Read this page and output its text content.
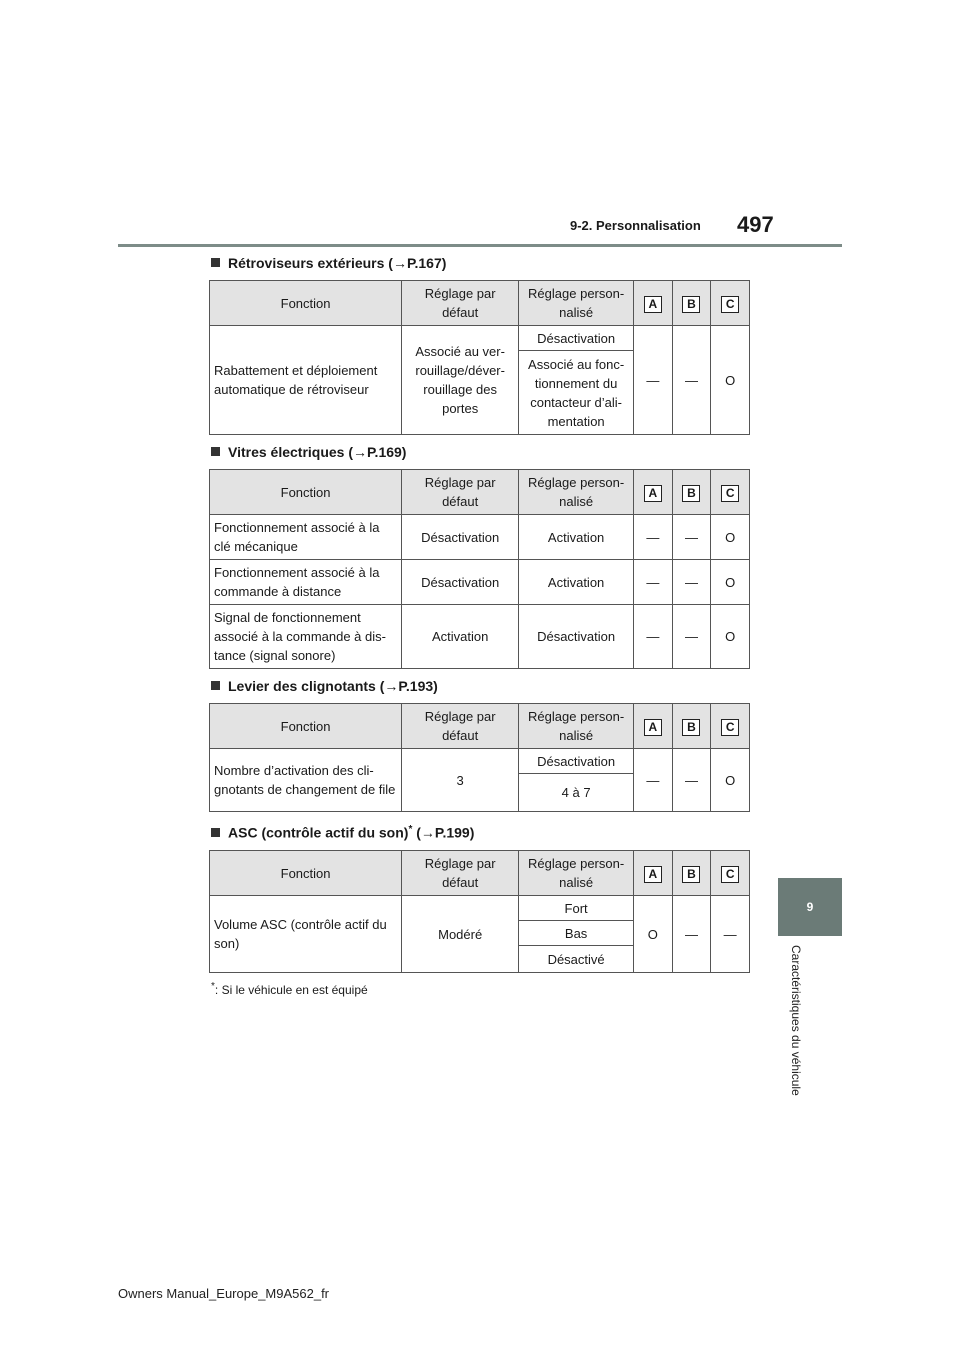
9-2. Personnalisation 497
9
Caractéristiques du véhicule
Rétroviseurs extérieurs (→P.167)
Fonction	Réglage par défaut	Réglage person- nalisé	A	B	C
Rabattement et déploiement automatique de rétroviseur	Associé au ver- rouillage/déver- rouillage des portes	Désactivation	—	—	O
		Associé au fonc- tionnement du contacteur d’ali- mentation			
Vitres électriques (→P.169)
Fonction	Réglage par défaut	Réglage person- nalisé	A	B	C
Fonctionnement associé à la clé mécanique	Désactivation	Activation	—	—	O
Fonctionnement associé à la commande à distance	Désactivation	Activation	—	—	O
Signal de fonctionnement associé à la commande à dis- tance (signal sonore)	Activation	Désactivation	—	—	O
Levier des clignotants (→P.193)
Fonction	Réglage par défaut	Réglage person- nalisé	A	B	C
Nombre d’activation des cli- gnotants de changement de file	3	Désactivation	—	—	O
		4 à 7			
ASC (contrôle actif du son)* (→P.199)
Fonction	Réglage par défaut	Réglage person- nalisé	A	B	C
Volume ASC (contrôle actif du son)	Modéré	Fort	O	—	—
		Bas			
		Désactivé			
*: Si le véhicule en est équipé
Owners Manual_Europe_M9A562_fr
